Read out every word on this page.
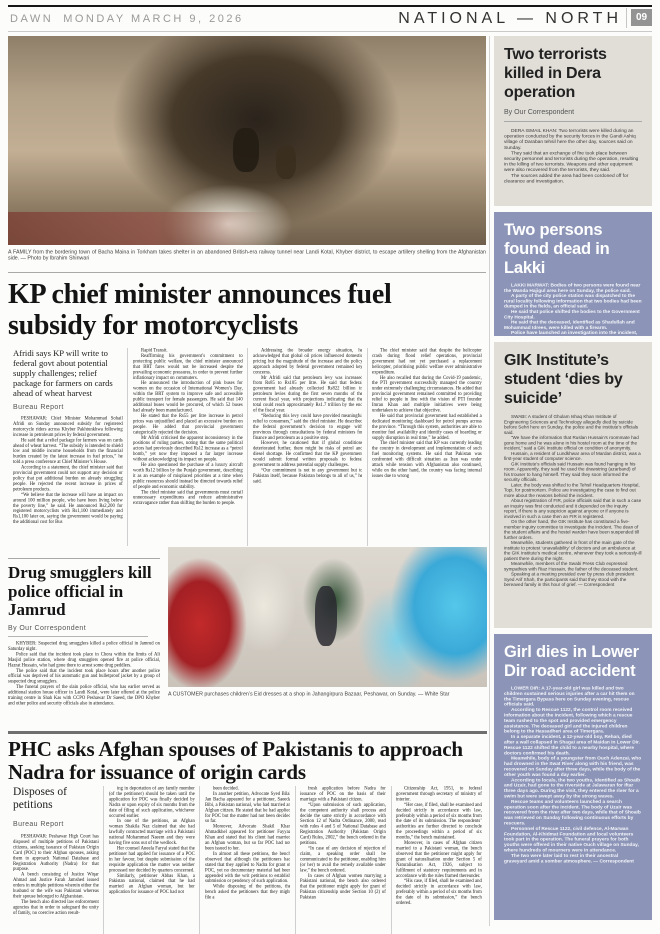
DAWN MONDAY MARCH 9, 2026	NATIONAL — NORTH	09
A FAMILY from the bordering town of Bacha Maina in Torkham takes shelter in an abandoned British-era railway tunnel near Landi Kotal, Khyber district, to escape artillery shelling from the Afghanistan side. — Photo by Ibrahim Shinwari
KP chief minister announces fuel subsidy for motorcyclists
Afridi says KP will write to federal govt about potential supply challenges; relief package for farmers on cards ahead of wheat harvest
Bureau Report

PESHAWAR: Chief Minister Mohammad Sohail Afridi on Sunday announced subsidy for registered motorcycle riders across Khyber Pakhtunkhwa following increase in petroleum prices by federal government.

He said that a relief package for farmers was on cards ahead of wheat harvest. “The subsidy is intended to shield low and middle income households from the financial burden created by the latest increase in fuel prices,” he told a press conference at Chief Minister’s House.

According to a statement, the chief minister said that provincial government could not support any decision or policy that put additional burden on already struggling people. He rejected the recent increase in prices of petroleum products.

“We believe that the increase will have an impact on around 100 million people, who have been living below the poverty line,” he said. He announced Rs2,200 for registered motorcyclists with Rs1,100 immediately and Rs1,100 later on, saying the government would be paying the additional cost for Bus

Rapid Transit.

Reaffirming his government’s commitment to protecting public welfare, the chief minister announced that BRT fares would not be increased despite the prevailing economic pressures, in order to prevent further inflationary impact on commuters.

He announced the introduction of pink buses for women on the occasion of International Women’s Day, within the BRT system to improve safe and accessible public transport for female passengers. He said that 140 additional buses would be procured, of which 52 buses had already been manufactured.

He stated that the Rs55 per litre increase in petrol prices was unjustified and placed an excessive burden on people. He added that provincial government categorically rejected the decision.

Mr Afridi criticised the apparent inconsistency in the positions of ruling parties, noting that the same political actors had previously described Rs12 increase as a “petrol bomb,” yet now they imposed a far larger increase without acknowledging its impact on people.

He also questioned the purchase of a luxury aircraft worth Rs12 billion by the Punjab government, describing it as an example of misplaced priorities at a time when public resources should instead be directed towards relief of people and economic stability.

The chief minister said that governments must curtail unnecessary expenditures and reduce administrative extravagance rather than shifting the burden to people.

Addressing the broader energy situation, he acknowledged that global oil prices influenced domestic pricing but the magnitude of the increase and the policy approach adopted by federal government remained key concerns.

Mr Afridi said that petroleum levy was increased from Rs85 to Rs105 per litre. He said that federal government had already collected Rs822 billion in petroleum levies during the first seven months of the current fiscal year, with projections indicating that the total could reach approximately Rs1.7 trillion by the end of the fiscal year.

“Reducing this levy could have provided meaningful relief to consumers,” said the chief minister. He described the federal government’s decision to engage with provinces through consultations by federal ministers for finance and petroleum as a positive step.

However, he cautioned that if global conditions deteriorated further, there might be risks of petrol and diesel shortage. He confirmed that the KP government would submit formal written proposals to federal government to address potential supply challenges.

“Our commitment is not to any government but to Pakistan itself, because Pakistan belongs to all of us,” he said.

The chief minister said that despite the helicopter crash during flood relief operations, provincial government had not yet purchased a replacement helicopter, prioritising public welfare over administrative expenditure.

He also recalled that during the Covid-19 pandemic, the PTI government successfully managed the country under extremely challenging circumstances. He added that provincial government remained committed to providing relief to people in line with the vision of PTI founder Imran Khan and multiple initiatives were being undertaken to achieve that objective.

He said that provincial government had established a dedicated monitoring dashboard for petrol pumps across the province. “Through this system, authorities are able to monitor fuel availability and identify cases of hoarding or supply disruption in real time,” he added.

The chief minister said that KP was currently leading the country in development and implementation of such fuel monitoring systems. He said that Pakistan was confronted with difficult situation as Iran was under attack while tension with Afghanistan also continued, while on the other hand, the country was facing internal issues due to wrong

Drug smugglers kill police official in Jamrud
By Our Correspondent

KHYBER: Suspected drug smugglers killed a police official in Jamrud on Saturday night.

Police said that the incident took place in Chora within the limits of Ali Masjid police station, where drug smugglers opened fire at police official, Hazrat Hussain, who had gone there to arrest some drug peddlers.

The police said that the incident took place hours after another police official was deprived of his automatic gun and bulletproof jacket by a group of suspected drug smugglers.

The funeral prayers of the slain police official, who has earlier served as additional station house officer in Landi Kotal, were later offered at the police training centre in Shah Kas with CCPO Peshawar Dr Saeed, the DPO Khyber and other police and security officials also in attendance.

A CUSTOMER purchases children’s Eid dresses at a shop in Jahangirpura Bazaar, Peshawar, on Sunday. — White Star
PHC asks Afghan spouses of Pakistanis to approach Nadra for issuance of origin cards
Disposes of petitions
Bureau Report

PESHAWAR: Peshawar High Court has disposed of multiple petitions of Pakistani citizens, seeking issuance of Pakistan Origin Card (POC) to their Afghan spouses, asking them to approach National Database and Registration Authority (Nadra) for that purpose.

A bench consisting of Justice Wiqar Ahmad and Justice Farah Jamshed issued orders in multiple petitions wherein either the husband or the wife was Pakistani whereas their spouse belonged to Afghanistan.

The bench also directed law enforcement agencies that in order to safeguard the unity of family, no coercive action result-

ing in deportation of any family member (of the petitioner) should be taken until the application for POC was finally decided by Nadra or upon expiry of six months from the date of filing of such application, whichever occurred earlier.

In one of the petitions, an Afghan woman Shakila Naz claimed that she had lawfully contracted marriage with a Pakistani national Mohammad Naeem and they were having five sons out of the wedlock.

Her counsel Aneela Faryal stated that the petitioner had applied for issuance of a POC in her favour, but despite submission of the requisite application the matter was neither processed nor decided by quarters concerned.

Similarly, petitioner Abbas Khan, a Pakistan national, claimed that he had married an Afghan woman, but her application for issuance of POC had not

been decided.

In another petition, Advocate Syed Bilal Jan Bacha appeared for a petitioner, Saeeda Bibi, a Pakistan national, who had married an Afghan citizen. He stated that he had applied for POC but the matter had not been decided so far.

Moreover, Advocate Shakil Khan Ahmadkhel appeared for petitioner Fayyaz Khan and stated that his client had married an Afghan woman, but so far POC had not been issued to her.

In almost all these petitions, the bench observed that although the petitioners had stated that they applied to Nadra for grant of POC, yet no documentary material had been appended with the writ petitions to establish submission or pendency of such application.

While disposing of the petitions, the bench asked the petitioners that they might file a

fresh application before Nadra for issuance of POC on the basis of their marriage with a Pakistani citizen.

“Upon submission of such application, the competent authority shall process and decide the same strictly in accordance with Section 12 of Nadra Ordinance, 2000, read with rules 4 and 5 of National Database and Registration Authority (Pakistan Origin Card) Rules, 2002,” the bench ordered in the petitions.

“In case of any decision of rejection of claim, a speaking order shall be communicated to the petitioner, enabling him (or her) to avail the remedy available under law,” the bench ordered.

In cases of Afghan women marrying a Pakistani national, the bench also ordered that the petitioner might apply for grant of Pakistan citizenship under Section 10 (2) of Pakistan

Citizenship Act, 1951, to federal government through secretary of ministry of interior.

“Her case, if filed, shall be examined and decided strictly in accordance with law, preferably within a period of six months from the date of its submission. The respondents’ authorities are further directed to conclude the proceedings within a period of six months,” the bench maintained.

Moreover, in cases of Afghan citizen married to a Pakistani woman, the bench observed that the petitioner might apply for grant of naturalisation under Section 5 of Naturalisation Act, 1926, subject to fulfilment of statutory requirements and in accordance with the rules framed thereunder.

“His case, if filed, shall be examined and decided strictly in accordance with law, preferably within a period of six months from the date of its submission,” the bench ordered.

Two terrorists killed in Dera operation
By Our Correspondent

DERA ISMAIL KHAN: Two terrorists were killed during an operation conducted by the security forces in the Gandi Ashiq village of Daraban tehsil here the other day, sources said on Sunday.

They said that an exchange of fire took place between security personnel and terrorists during the operation, resulting in the killing of two terrorists. Weapons and other equipment were also recovered from the terrorists, they said.

The sources added the area had been cordoned off for clearance and investigation.

Two persons found dead in Lakki

LAKKI MARWAT: Bodies of two persons were found near the Wanda Hajigul area here on Sunday, the police said.

A party of the city police station was dispatched to the rural locality following information that two bodies had been dumped in the fields, an official said.

He said that police shifted the bodies to the Government City Hospital.

He said that the deceased, identified as Shadullah and Mohammad Idrees, were killed with a firearm.

Police have launched an investigation into the incident, he said. — Correspondent

GIK Institute’s student ‘dies by suicide’

SWABI: A student of Ghulam Ishaq Khan Institute of Engineering Sciences and Technology allegedly died by suicide before Sehri here on Sunday, the police and the institute’s officials said.

“We have the information that Ruslan Hussain’s roommate had gone home and he was alone in his hostel room at the time of the incident,” said a GIK Institute official on condition of anonymity.

Hussain, a resident of Lundkhwar area of Mardan district, was a first-year student of computer science.

GIK Institute’s officials said Hussain was found hanging in his room. Apparently, they said he used the drawstring (azarband) of his trouser to hang himself. They said they soon informed the security officials.

Later, the body was shifted to the Tehsil Headquarters Hospital, Topi, for postmortem. Police are investigating the case to find out more about the reasons behind the incident.

About registration of FIR, police officials said that in such a case an inquiry was first conducted and it depended on the inquiry report, if there is any suspicion against anyone or if anyone is involved in such a case then an FIR is registered.

On the other hand, the GIK Institute has constituted a five-member inquiry committee to investigate the incident. The dean of the student affairs and the hostel warden have been suspended till further orders.

Meanwhile, students gathered in front of the main gate of the institute to protest ‘unavailability’ of doctors and an ambulance at the GIK Institute’s medical centre, whenever they took a seriously-ill patient there during the night.

Meanwhile, members of the Swabi Press Club expressed sympathies with Riaz Hussain, the father of the deceased student.

Speaking at a meeting presided over by press club president Syed Arif Shah, the participants said that they stood with the bereaved family in this hour of grief. — Correspondent

Girl dies in Lower Dir road accident

LOWER DIR: A 17-year-old girl was killed and two children sustained serious injuries after a car hit them on the Timergara Bypass here on Sunday evening, rescue officials said.

According to Rescue 1122, the control room received information about the incident, following which a rescue team rushed to the spot and provided emergency assistance. The deceased girl and the injured children belong to the Hassadheri area of Timergara.

In a separate incident, a 12-year-old boy, Rehan, died after a wall collapsed in Shagai area of Maidan in Lower Dir. Rescue 1122 shifted the child to a nearby hospital, where doctors confirmed his death.

Meanwhile, body of a youngster from Ouch Adenzai, who had drowned in the Swat River along with his friend, was recovered on Sunday after three days, while the body of the other youth was found a day earlier.

According to locals, the two youths, identified as Shoaib and Uzair, had gone to the riverside at Jalawaran for iftar three days ago. During the visit, they entered the river for a swim but were swept away by the strong waves.

Rescue teams and volunteers launched a search operation soon after the incident. The body of Uzair was recovered from the river after two days, while that of Shoaib was retrieved on Sunday following continuous efforts by rescuers.

Personnel of Rescue 1122, civil defence, Al-Marwan Foundation, Al-Khidmat Foundation and local volunteers took part in the operation. The funeral prayers for both youths were offered in their native Ouch village on Sunday, where hundreds of mourners were in attendance.

The two were later laid to rest in their ancestral graveyard amid a somber atmosphere. — Correspondent
